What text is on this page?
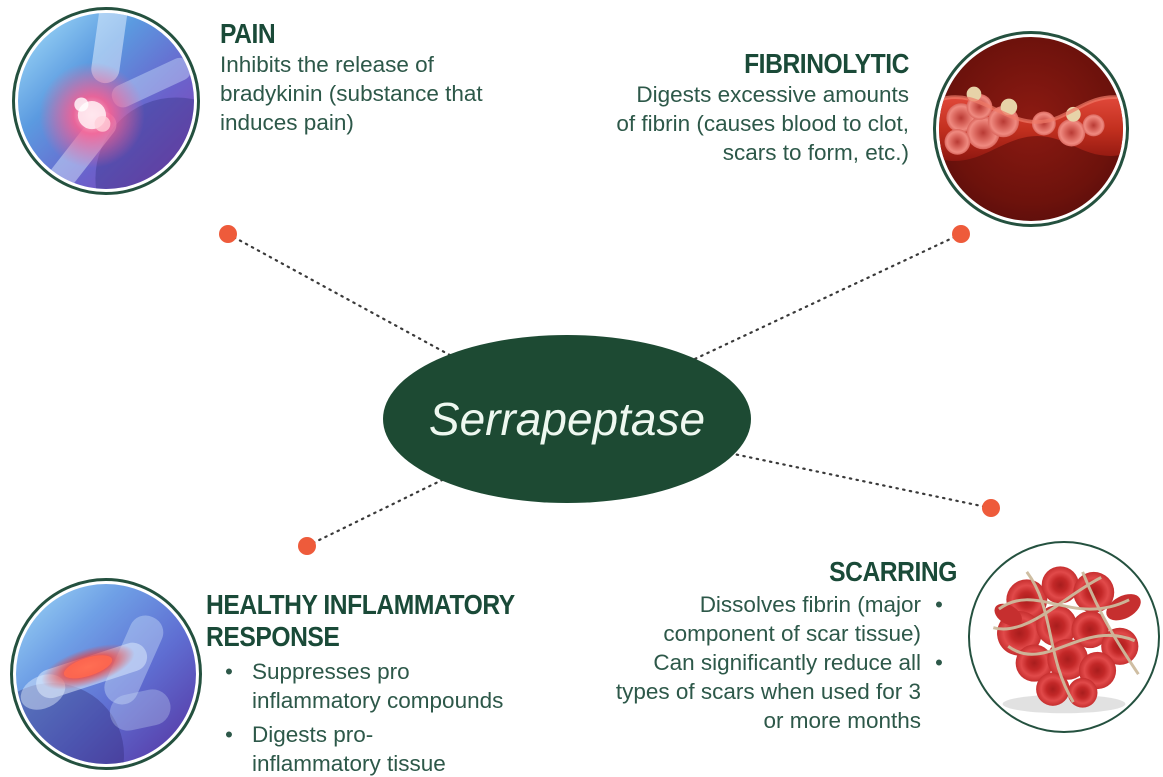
Serrapeptase
PAIN
Inhibits the release of
bradykinin (substance that
induces pain)
FIBRINOLYTIC
Digests excessive amounts
of fibrin (causes blood to clot,
scars to form, etc.)
HEALTHY INFLAMMATORY
RESPONSE
• Suppresses pro
inflammatory compounds
• Digests pro-
inflammatory tissue
SCARRING
Dissolves fibrin (major
component of scar tissue)
•
Can significantly reduce all
types of scars when used for 3
or more months
•
